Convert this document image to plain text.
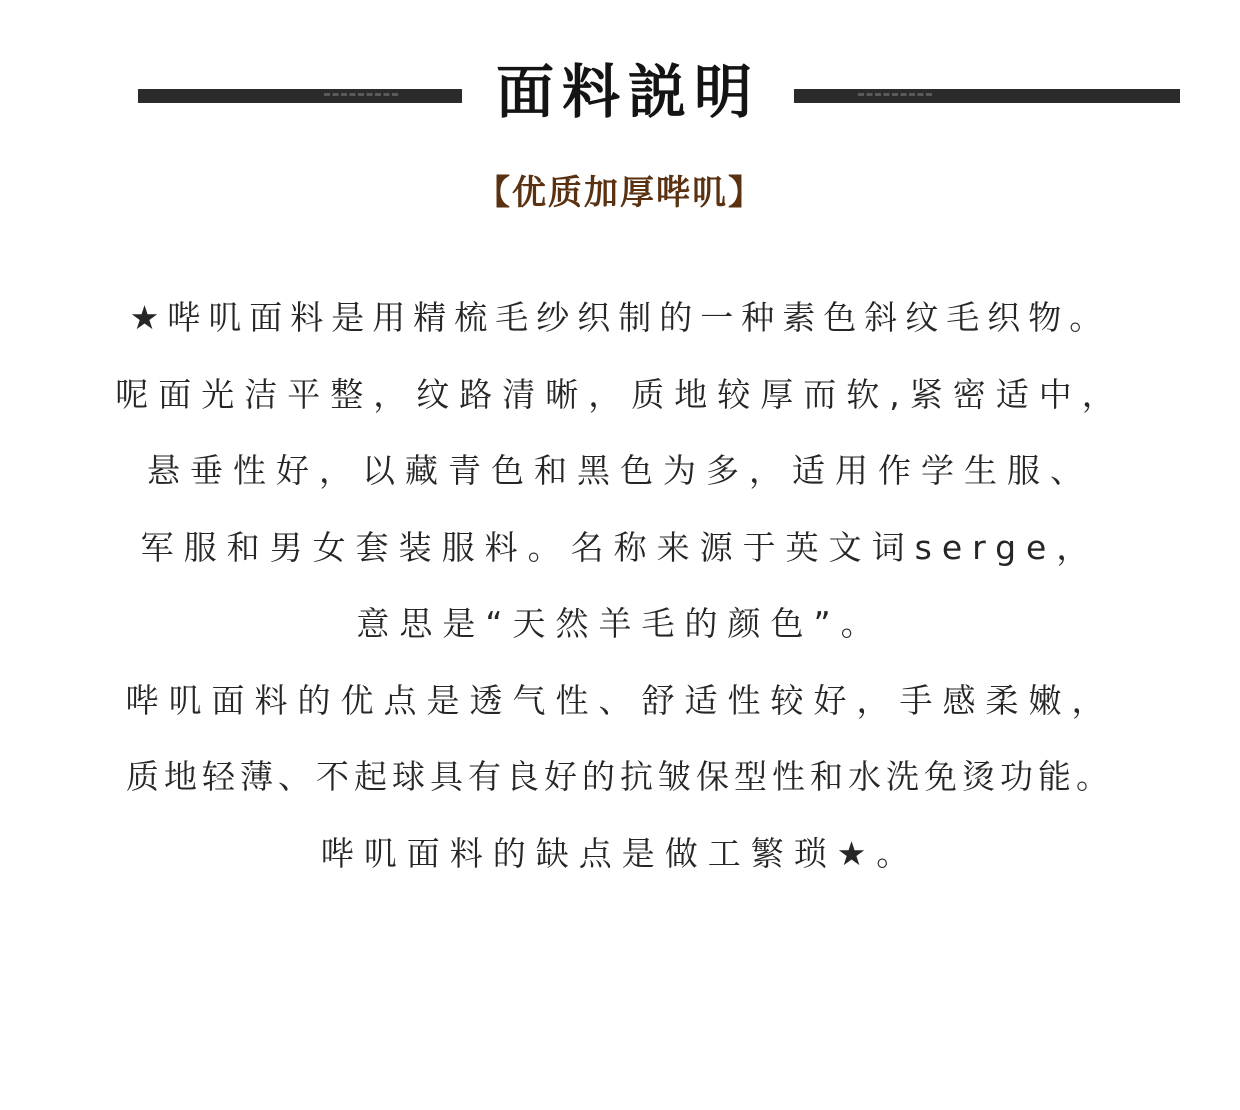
面料説明
【优质加厚哔叽】
★哔叽面料是用精梳毛纱织制的一种素色斜纹毛织物。
呢面光洁平整，纹路清晰，质地较厚而软,紧密适中，
悬垂性好，以藏青色和黑色为多，适用作学生服、
军服和男女套装服料。名称来源于英文词serge，
意思是“天然羊毛的颜色”。
哔叽面料的优点是透气性、舒适性较好，手感柔嫩，
质地轻薄、不起球具有良好的抗皱保型性和水洗免烫功能。
哔叽面料的缺点是做工繁琐★。
